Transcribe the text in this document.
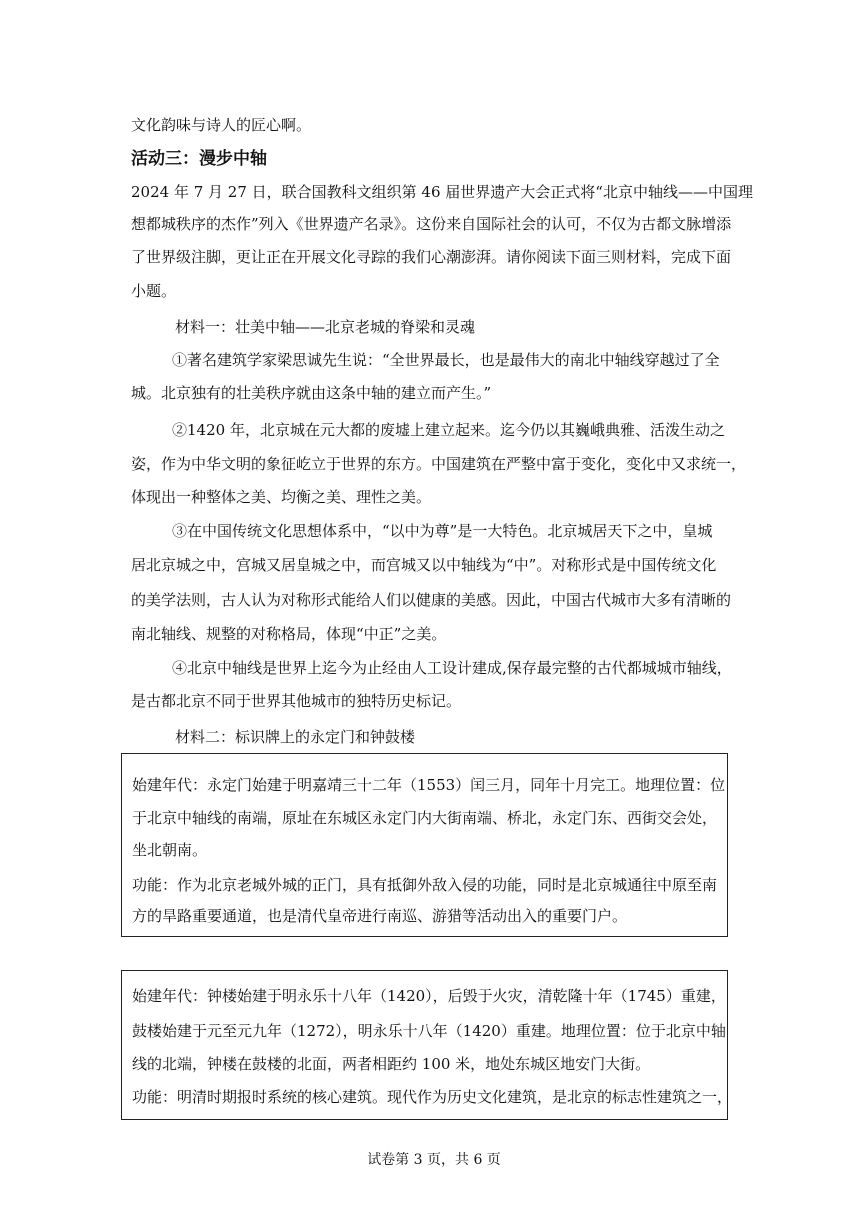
文化韵味与诗人的匠心啊。
活动三：漫步中轴
2024 年 7 月 27 日，联合国教科文组织第 46 届世界遗产大会正式将“北京中轴线——中国理
想都城秩序的杰作”列入《世界遗产名录》。这份来自国际社会的认可，不仅为古都文脉增添
了世界级注脚，更让正在开展文化寻踪的我们心潮澎湃。请你阅读下面三则材料，完成下面
小题。
材料一：壮美中轴——北京老城的脊梁和灵魂
①著名建筑学家梁思诚先生说：“全世界最长，也是最伟大的南北中轴线穿越过了全
城。北京独有的壮美秩序就由这条中轴的建立而产生。”
②1420 年，北京城在元大都的废墟上建立起来。迄今仍以其巍峨典雅、活泼生动之
姿，作为中华文明的象征屹立于世界的东方。中国建筑在严整中富于变化，变化中又求统一，
体现出一种整体之美、均衡之美、理性之美。
③在中国传统文化思想体系中，“以中为尊”是一大特色。北京城居天下之中，皇城
居北京城之中，宫城又居皇城之中，而宫城又以中轴线为“中”。对称形式是中国传统文化
的美学法则，古人认为对称形式能给人们以健康的美感。因此，中国古代城市大多有清晰的
南北轴线、规整的对称格局，体现“中正”之美。
④北京中轴线是世界上迄今为止经由人工设计建成,保存最完整的古代都城城市轴线，
是古都北京不同于世界其他城市的独特历史标记。
材料二：标识牌上的永定门和钟鼓楼
始建年代：永定门始建于明嘉靖三十二年（1553）闰三月，同年十月完工。地理位置：位
于北京中轴线的南端，原址在东城区永定门内大街南端、桥北，永定门东、西街交会处，
坐北朝南。
功能：作为北京老城外城的正门，具有抵御外敌入侵的功能，同时是北京城通往中原至南
方的旱路重要通道，也是清代皇帝进行南巡、游猎等活动出入的重要门户。
始建年代：钟楼始建于明永乐十八年（1420），后毁于火灾，清乾隆十年（1745）重建，
鼓楼始建于元至元九年（1272），明永乐十八年（1420）重建。地理位置：位于北京中轴
线的北端，钟楼在鼓楼的北面，两者相距约 100 米，地处东城区地安门大街。
功能：明清时期报时系统的核心建筑。现代作为历史文化建筑，是北京的标志性建筑之一，
试卷第 3 页，共 6 页
